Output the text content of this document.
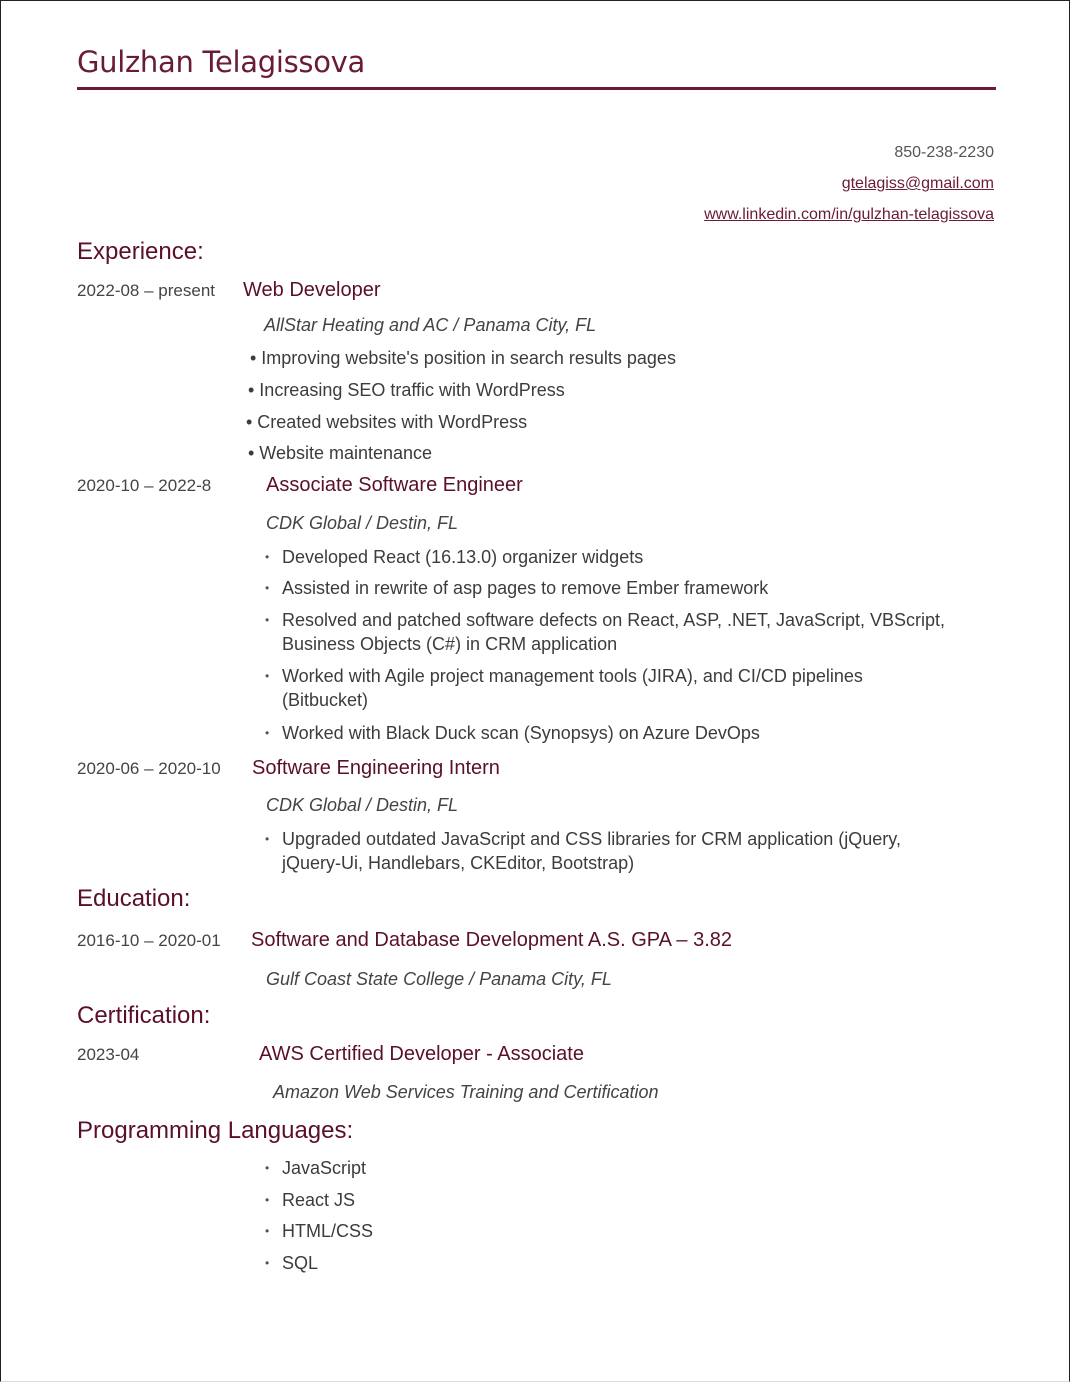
Gulzhan Telagissova
850-238-2230
gtelagiss@gmail.com
www.linkedin.com/in/gulzhan-telagissova
Experience:
2022-08 – present Web Developer
AllStar Heating and AC / Panama City, FL
• Improving website's position in search results pages
• Increasing SEO traffic with WordPress
• Created websites with WordPress
• Website maintenance
2020-10 – 2022-8	Associate Software Engineer
CDK Global / Destin, FL
• Developed React (16.13.0) organizer widgets
• Assisted in rewrite of asp pages to remove Ember framework
• Resolved and patched software defects on React, ASP, .NET, JavaScript, VBScript,
Business Objects (C#) in CRM application
• Worked with Agile project management tools (JIRA), and CI/CD pipelines
(Bitbucket)
• Worked with Black Duck scan (Synopsys) on Azure DevOps
2020-06 – 2020-10 Software Engineering Intern
CDK Global / Destin, FL
• Upgraded outdated JavaScript and CSS libraries for CRM application (jQuery,
jQuery-Ui, Handlebars, CKEditor, Bootstrap)
Education:
2016-10 – 2020-01 Software and Database Development A.S. GPA – 3.82
Gulf Coast State College / Panama City, FL
Certification:
2023-04	AWS Certified Developer - Associate
Amazon Web Services Training and Certification
Programming Languages:
• JavaScript
• React JS
• HTML/CSS
• SQL
